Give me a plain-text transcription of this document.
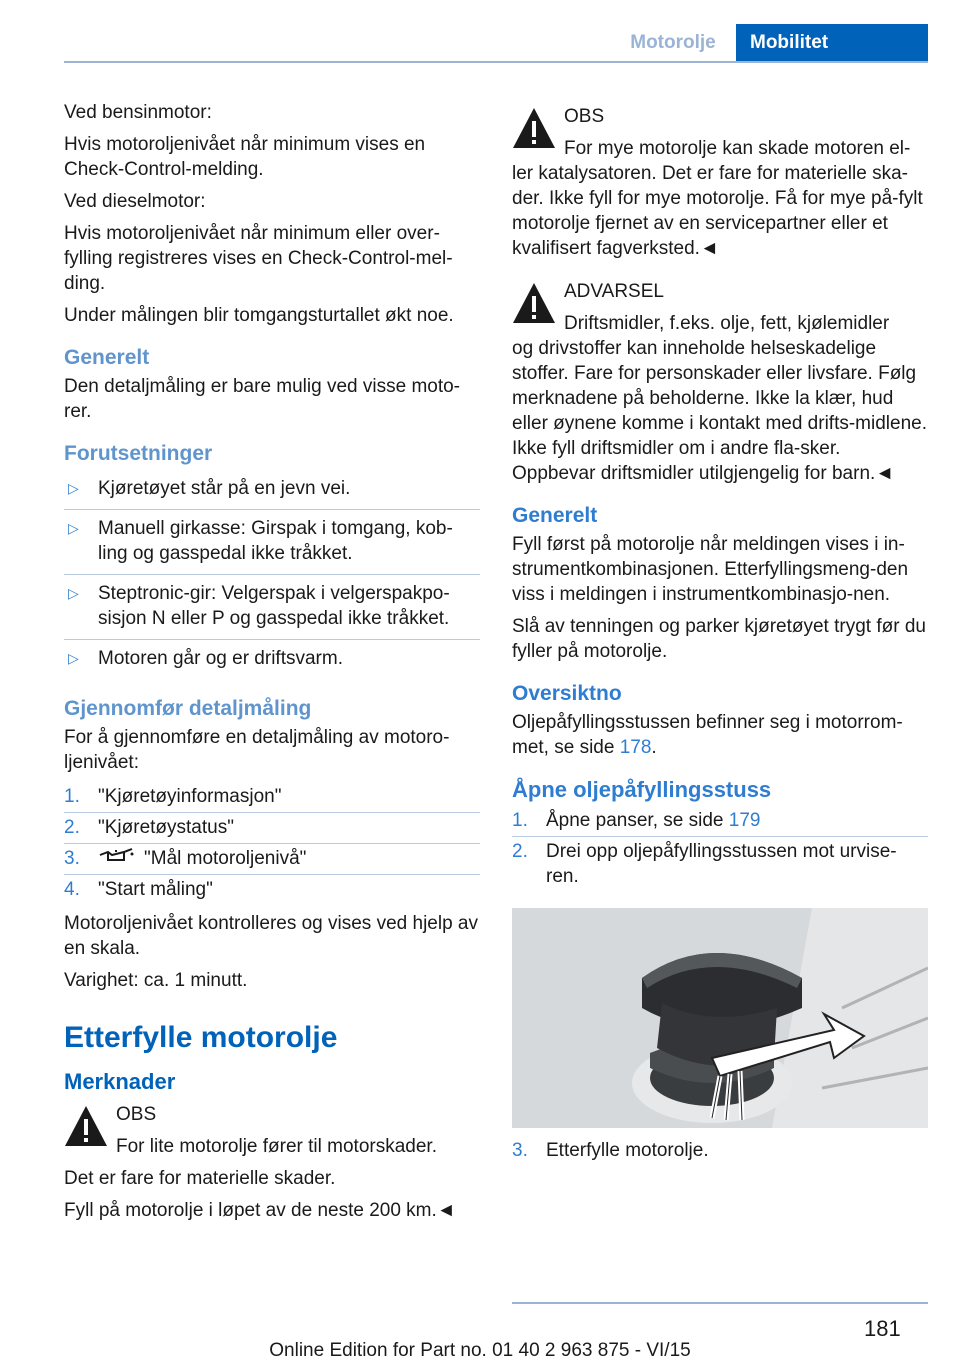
Motorolje	Mobilitet

Ved bensinmotor:

Hvis motoroljenivået når minimum vises en Check-Control-melding.

Ved dieselmotor:

Hvis motoroljenivået når minimum eller over-fylling registreres vises en Check-Control-mel-ding.

Under målingen blir tomgangsturtallet økt noe.

Generelt

Den detaljmåling er bare mulig ved visse moto-rer.

Forutsetninger
▷	Kjøretøyet står på en jevn vei.
▷	Manuell girkasse: Girspak i tomgang, kob-ling og gasspedal ikke tråkket.
▷	Steptronic-gir: Velgerspak i velgerspakpo-sisjon N eller P og gasspedal ikke tråkket.
▷	Motoren går og er driftsvarm.
Gjennomfør detaljmåling

For å gjennomføre en detaljmåling av motoro-ljenivået:

1. "Kjøretøyinformasjon"
2. "Kjøretøystatus"
3.	"Mål motoroljenivå"
4. "Start måling"

Motoroljenivået kontrolleres og vises ved hjelp av en skala.

Varighet: ca. 1 minutt.

Etterfylle motorolje
Merknader

OBS

For lite motorolje fører til motorskader.

Det er fare for materielle skader.

Fyll på motorolje i løpet av de neste 200 km.◄

OBS

For mye motorolje kan skade motoren el-

ler katalysatoren. Det er fare for materielle ska-der. Ikke fyll for mye motorolje. Få for mye på-fylt motorolje fjernet av en servicepartner eller et kvalifisert fagverksted.◄

ADVARSEL

Driftsmidler, f.eks. olje, fett, kjølemidler

og drivstoffer kan inneholde helseskadelige stoffer. Fare for personskader eller livsfare. Følg merknadene på beholderne. Ikke la klær, hud eller øynene komme i kontakt med drifts-midlene. Ikke fyll driftsmidler om i andre fla-sker. Oppbevar driftsmidler utilgjengelig for barn.◄

Generelt

Fyll først på motorolje når meldingen vises i in-strumentkombinasjonen. Etterfyllingsmeng-den viss i meldingen i instrumentkombinasjo-nen.

Slå av tenningen og parker kjøretøyet trygt før du fyller på motorolje.

Oversiktno

Oljepåfyllingsstussen befinner seg i motorrom-met, se side 178.

Åpne oljepåfyllingsstuss
1. Åpne panser, se side 179
2. Drei opp oljepåfyllingsstussen mot urvise-ren.
3. Etterfylle motorolje.
181
Online Edition for Part no. 01 40 2 963 875 - VI/15
